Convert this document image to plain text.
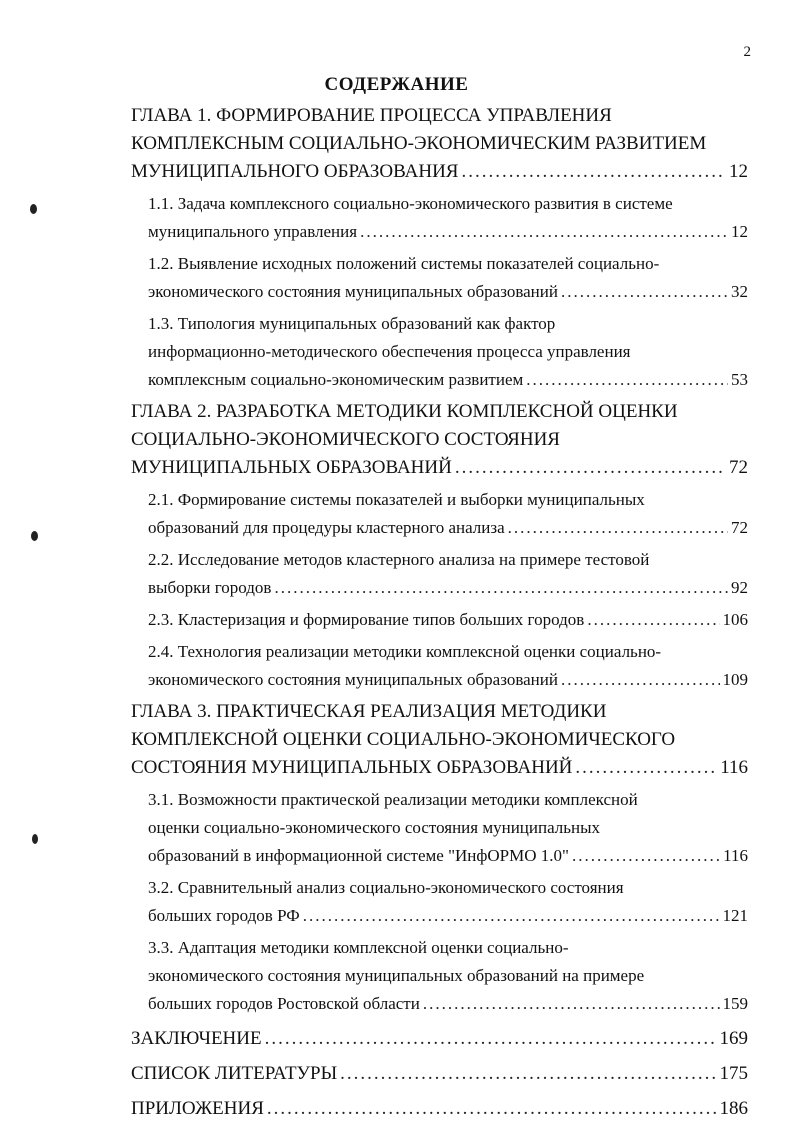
2
СОДЕРЖАНИЕ
ГЛАВА 1. ФОРМИРОВАНИЕ ПРОЦЕССА УПРАВЛЕНИЯ
КОМПЛЕКСНЫМ СОЦИАЛЬНО-ЭКОНОМИЧЕСКИМ РАЗВИТИЕМ
МУНИЦИПАЛЬНОГО ОБРАЗОВАНИЯ .....	12
1.1. Задача комплексного социально-экономического развития в системе
муниципального управления .....	12
1.2. Выявление исходных положений системы показателей социально-
экономического состояния муниципальных образований .....	32
1.3. Типология муниципальных образований как фактор
информационно-методического обеспечения процесса управления
комплексным социально-экономическим развитием .....	53
ГЛАВА 2. РАЗРАБОТКА МЕТОДИКИ КОМПЛЕКСНОЙ ОЦЕНКИ
СОЦИАЛЬНО-ЭКОНОМИЧЕСКОГО СОСТОЯНИЯ
МУНИЦИПАЛЬНЫХ ОБРАЗОВАНИЙ .....	72
2.1. Формирование системы показателей и выборки муниципальных
образований для процедуры кластерного анализа .....	72
2.2. Исследование методов кластерного анализа на примере тестовой
выборки городов .....	92
2.3. Кластеризация и формирование типов больших городов .....	106
2.4. Технология реализации методики комплексной оценки социально-
экономического состояния муниципальных образований .....	109
ГЛАВА 3. ПРАКТИЧЕСКАЯ РЕАЛИЗАЦИЯ МЕТОДИКИ
КОМПЛЕКСНОЙ ОЦЕНКИ СОЦИАЛЬНО-ЭКОНОМИЧЕСКОГО
СОСТОЯНИЯ МУНИЦИПАЛЬНЫХ ОБРАЗОВАНИЙ .....	116
3.1. Возможности практической реализации методики комплексной
оценки социально-экономического состояния муниципальных
образований в информационной системе "ИнфОРМО 1.0" .....	116
3.2. Сравнительный анализ социально-экономического состояния
больших городов РФ .....	121
3.3. Адаптация методики комплексной оценки социально-
экономического состояния муниципальных образований на примере
больших городов Ростовской области .....	159
ЗАКЛЮЧЕНИЕ .....	169
СПИСОК ЛИТЕРАТУРЫ .....	175
ПРИЛОЖЕНИЯ .....	186
